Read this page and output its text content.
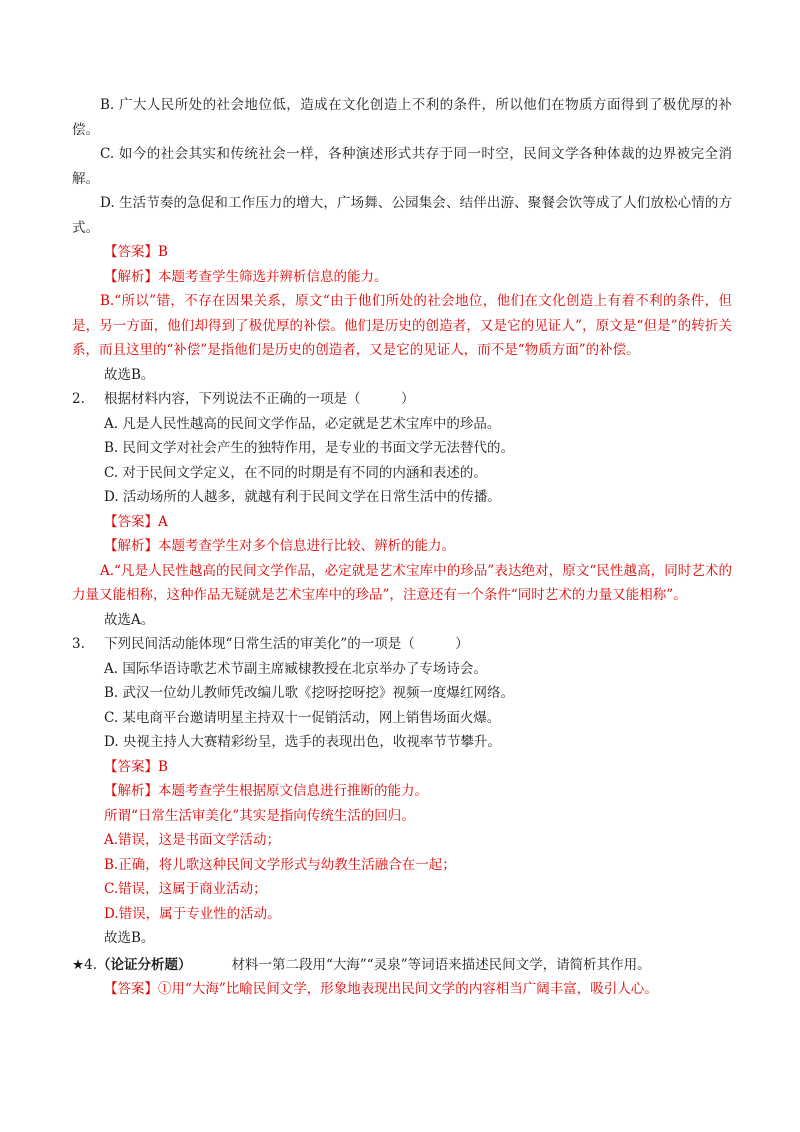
B. 广大人民所处的社会地位低，造成在文化创造上不利的条件，所以他们在物质方面得到了极优厚的补偿。

C. 如今的社会其实和传统社会一样，各种演述形式共存于同一时空，民间文学各种体裁的边界被完全消解。

D. 生活节奏的急促和工作压力的增大，广场舞、公园集会、结伴出游、聚餐会饮等成了人们放松心情的方式。

【答案】B

【解析】本题考查学生筛选并辨析信息的能力。

B.“所以”错，不存在因果关系，原文“由于他们所处的社会地位，他们在文化创造上有着不利的条件，但是，另一方面，他们却得到了极优厚的补偿。他们是历史的创造者，又是它的见证人”，原文是“但是”的转折关系，而且这里的“补偿”是指他们是历史的创造者，又是它的见证人，而不是“物质方面”的补偿。

故选B。

2. 根据材料内容，下列说法不正确的一项是（　　　）

A. 凡是人民性越高的民间文学作品，必定就是艺术宝库中的珍品。

B. 民间文学对社会产生的独特作用，是专业的书面文学无法替代的。

C. 对于民间文学定义，在不同的时期是有不同的内涵和表述的。

D. 活动场所的人越多，就越有利于民间文学在日常生活中的传播。

【答案】A

【解析】本题考查学生对多个信息进行比较、辨析的能力。

A.“凡是人民性越高的民间文学作品，必定就是艺术宝库中的珍品”表达绝对，原文“民性越高，同时艺术的力量又能相称，这种作品无疑就是艺术宝库中的珍品”，注意还有一个条件“同时艺术的力量又能相称”。

故选A。

3. 下列民间活动能体现“日常生活的审美化”的一项是（　　　）

A. 国际华语诗歌艺术节副主席臧棣教授在北京举办了专场诗会。

B. 武汉一位幼儿教师凭改编儿歌《挖呀挖呀挖》视频一度爆红网络。

C. 某电商平台邀请明星主持双十一促销活动，网上销售场面火爆。

D. 央视主持人大赛精彩纷呈，选手的表现出色，收视率节节攀升。

【答案】B

【解析】本题考查学生根据原文信息进行推断的能力。

所谓“日常生活审美化”其实是指向传统生活的回归。

A.错误，这是书面文学活动；

B.正确，将儿歌这种民间文学形式与幼教生活融合在一起；

C.错误，这属于商业活动；

D.错误，属于专业性的活动。

故选B。

★4.（论证分析题）	材料一第二段用“大海”“灵泉”等词语来描述民间文学，请简析其作用。

【答案】①用“大海”比喻民间文学，形象地表现出民间文学的内容相当广阔丰富，吸引人心。
